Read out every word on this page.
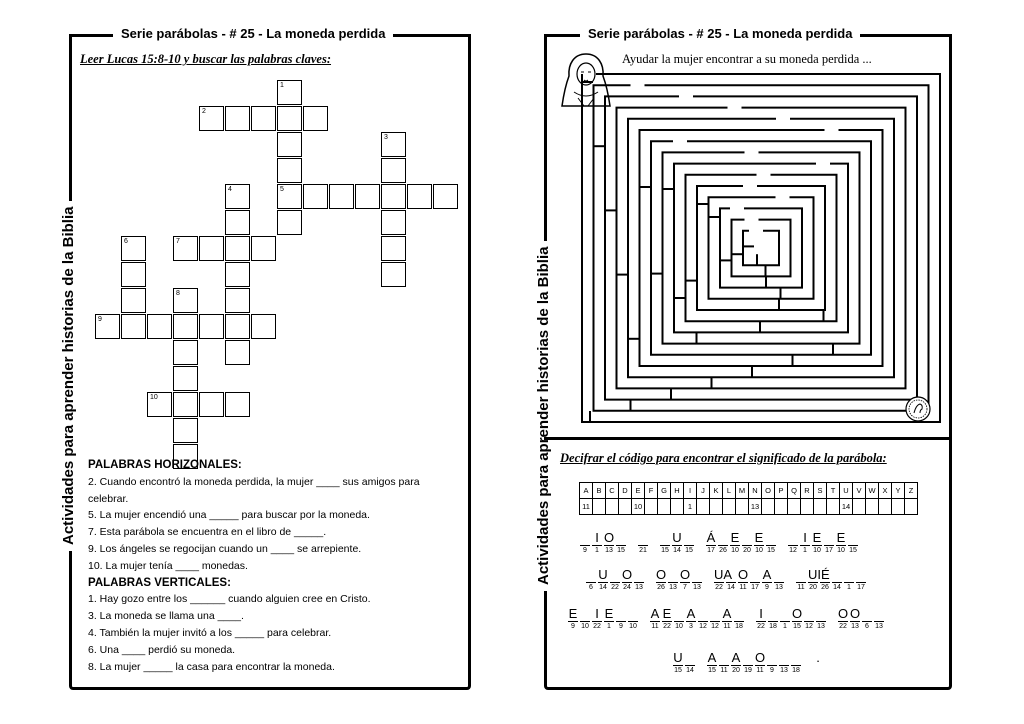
Serie parábolas - # 25 - La moneda perdida	Serie parábolas - # 25 - La moneda perdida
Actividades para aprender historias de la Biblia	Actividades para aprender historias de la Biblia
Leer Lucas 15:8-10 y buscar las palabras claves:
1
5
2
3
4
6	7
8
9
10
PALABRAS HORIZONALES:
2. Cuando encontró la moneda perdida, la mujer ____ sus amigos para celebrar.
5. La mujer encendió una _____ para buscar por la moneda.
7. Esta parábola se encuentra en el libro de _____.
9. Los ángeles se regocijan cuando un ____ se arrepiente.
10. La mujer tenía ____ monedas.
PALABRAS VERTICALES:
1. Hay gozo entre los ______ cuando alguien cree en Cristo.
3. La moneda se llama una ____.
4. También la mujer invitó a los _____ para celebrar.
6. Una ____ perdió su moneda.
8. La mujer _____ la casa para encontrar la moneda.
Ayudar la mujer encontrar a su moneda perdida ...
Decifrar el código para encontrar el significado de la parábola:
A	B	C	D	E	F	G	H	I	J	K	L	M	N	O	P	Q	R	S	T	U	V	W	X	Y	Z
11				10				1					13							14					
9
I
1
O
13 15	21	15
U
14 15
Á
17 26
E
10 20
E
10 15	12
I
1
E
10 17
E
10 15
6
U
14 22
O
24 13
O
26 13
O
7 13
UA
22 14
O
11 17
A
9 13	11
UIÉ
20 26 14 1 17
E
9 10
I
22
E
1	9 10
A
11
E
22 10
A
3 12 12
A
11 18
I
22 18 1
O
15 12 13
O
22
O
13 6 13
U
15 14
A
15 11
A
20 19
O
11 9 13 18
.
